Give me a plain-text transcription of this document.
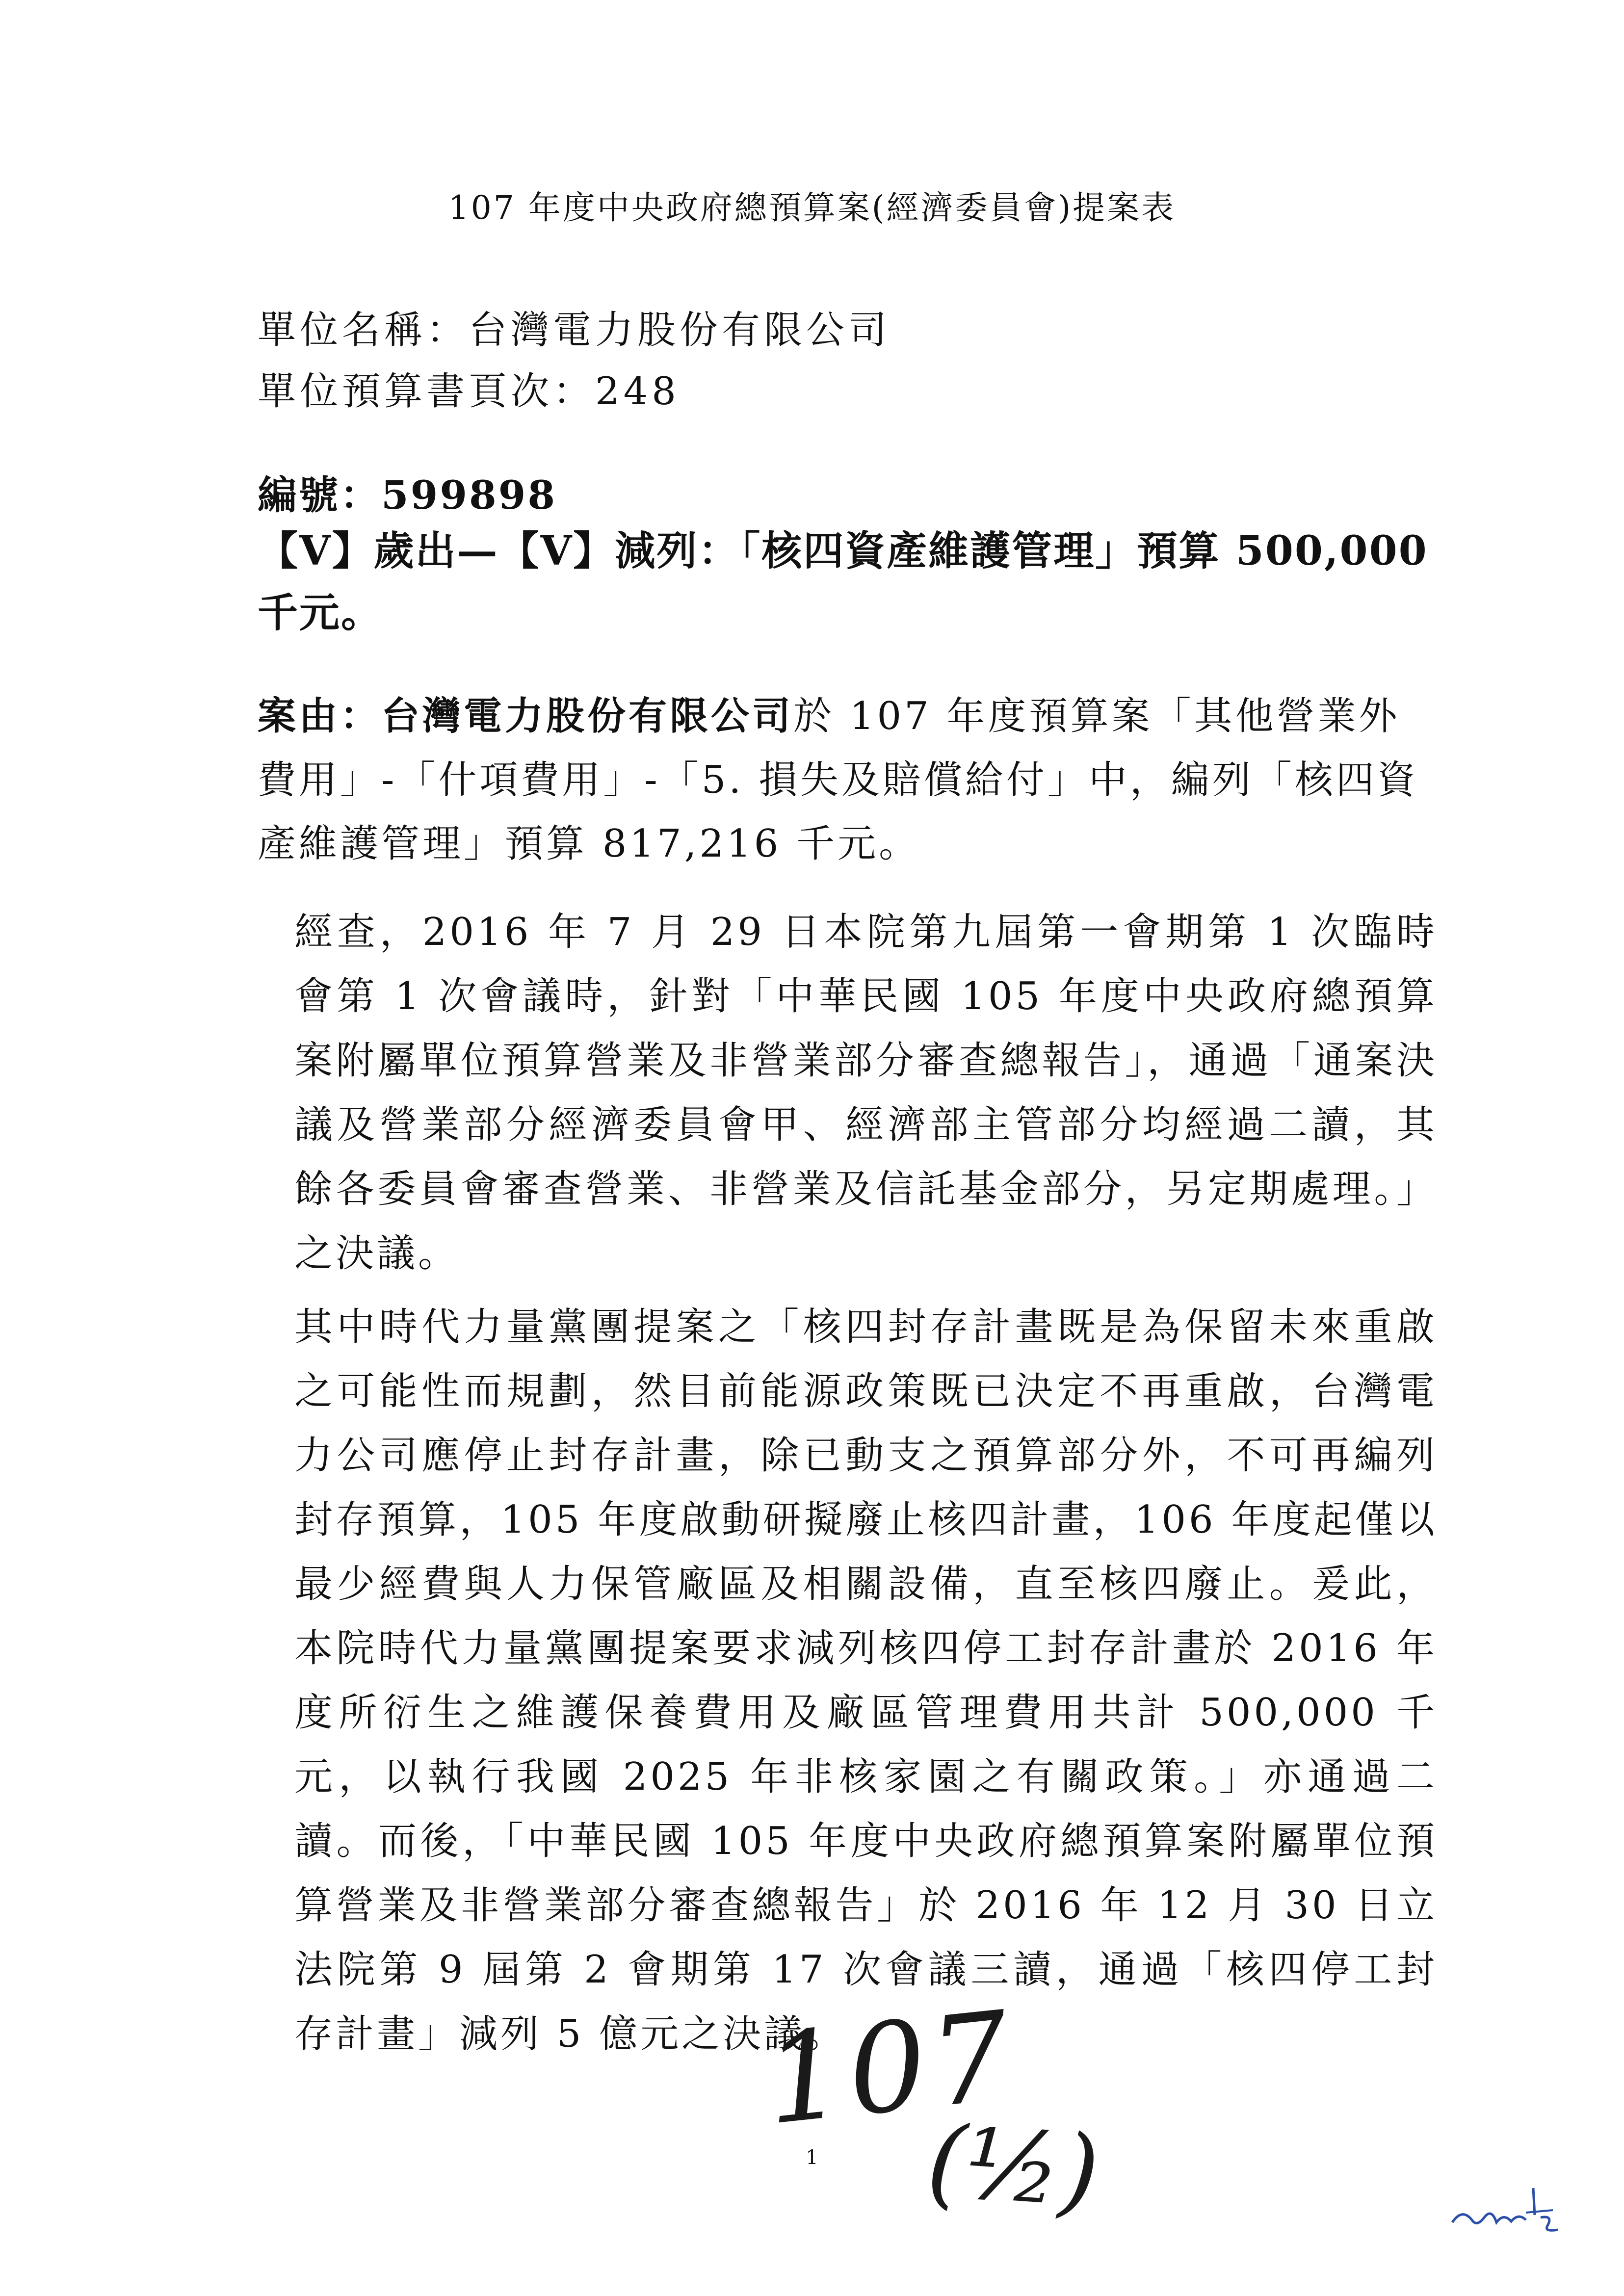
107 年度中央政府總預算案(經濟委員會)提案表
單位名稱：台灣電力股份有限公司
單位預算書頁次：248
編號：599898
【V】歲出—【V】減列：「核四資產維護管理」預算 500,000 千元。
案由：台灣電力股份有限公司於 107 年度預算案「其他營業外費用」-「什項費用」-「5. 損失及賠償給付」中，編列「核四資產維護管理」預算 817,216 千元。
經查，2016 年 7 月 29 日本院第九屆第一會期第 1 次臨時會第 1 次會議時，針對「中華民國 105 年度中央政府總預算案附屬單位預算營業及非營業部分審查總報告」，通過「通案決議及營業部分經濟委員會甲、經濟部主管部分均經過二讀，其餘各委員會審查營業、非營業及信託基金部分，另定期處理。」之決議。
其中時代力量黨團提案之「核四封存計畫既是為保留未來重啟之可能性而規劃，然目前能源政策既已決定不再重啟，台灣電力公司應停止封存計畫，除已動支之預算部分外，不可再編列封存預算，105 年度啟動研擬廢止核四計畫，106 年度起僅以最少經費與人力保管廠區及相關設備，直至核四廢止。爰此，本院時代力量黨團提案要求減列核四停工封存計畫於 2016 年度所衍生之維護保養費用及廠區管理費用共計 500,000 千元，以執行我國 2025 年非核家園之有關政策。」亦通過二讀。而後，「中華民國 105 年度中央政府總預算案附屬單位預算營業及非營業部分審查總報告」於 2016 年 12 月 30 日立法院第 9 屆第 2 會期第 17 次會議三讀，通過「核四停工封存計畫」減列 5 億元之決議。
107
1	(½)
